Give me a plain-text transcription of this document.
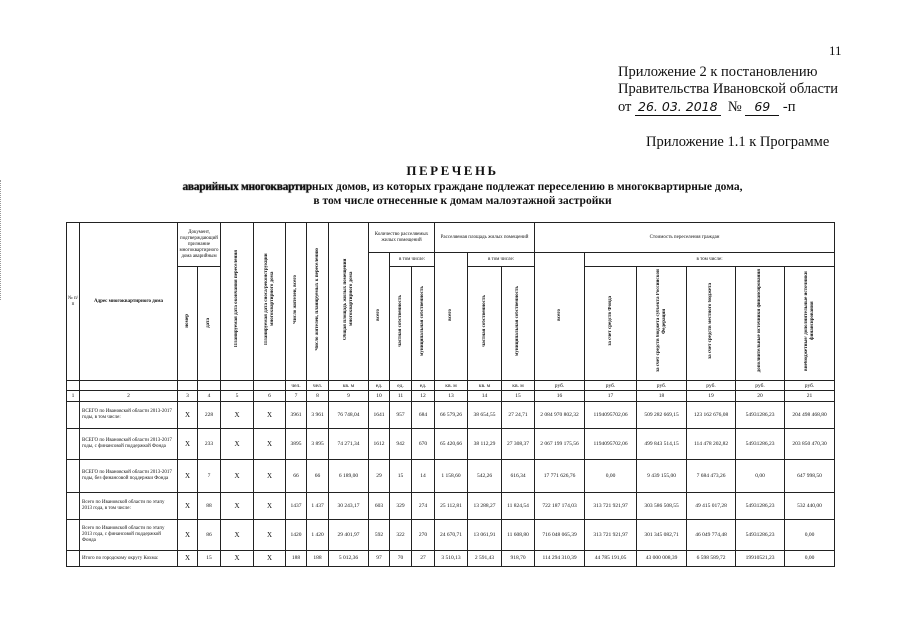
11
Приложение 2 к постановлению
Правительства Ивановской области
от
26. 03. 2018
№
	69
-п
Приложение 1.1 к Программе
ПЕРЕЧЕНЬ
аварийных многоквартирных домов, из которых граждане подлежат переселению в многоквартирные дома,
в том числе отнесенные к домам малоэтажной застройки
№ п/п	Адрес многоквартирного дома	Документ, подтверждающий признание многоквартирного дома аварийным		Планируемая дата окончания переселения	Планируемая дата сноса/реконструкции многоквартирного дома	Число жителей, всего	Число жителей, планируемых к переселению	Общая площадь жилых помещений многоквартирного дома	Количество расселяемых жилых помещений			Расселяемая площадь жилых помещений			Стоимость переселения граждан					
									всего	в том числе:		всего	в том числе:		всего	в том числе:				
		номер	дата							частная собственность	муниципальная собственность		частная собственность	муниципальная собственность		за счет средств Фонда	за счет средств бюджета субъекта Российской Федерации	за счет средств местного бюджета	дополнительные источники финансирования	внебюджетные/ дополнительные источники финансирования
						чел.	чел.	кв. м	ед.	ед.	ед.	кв. м	кв. м	кв. м	руб.	руб.	руб.	руб.	руб.	руб.
1	2	3	4	5	6	7	8	9	10	11	12	13	14	15	16	17	18	19	20	21
	ВСЕГО по Ивановской области 2013-2017 годы, в том числе:	X	228	X	X	3961	3 961	76 748,04	1641	957	684	66 579,26	38 654,55	27 24,71	2 084 970 802,32	1194095702,06	509 282 669,15	123 162 676,08	54931286,23	204 498 468,80
	ВСЕГО по Ивановской области 2013-2017 годы, с финансовой поддержкой Фонда	X	233	X	X	3895	3 895	74 271,34	1612	942	670	65 420,66	38 112,29	27 308,37	2 067 199 175,56	1194095702,06	499 843 514,15	114 478 202,82	54931286,23	203 850 470,30
	ВСЕГО по Ивановской области 2013-2017 годы, без финансовой поддержки Фонда	X	7	X	X	66	66	6 189,00	29	15	14	1 158,60	542,26	616,34	17 771 626,76	0,00	9 439 155,00	7 684 473,26	0,00	647 998,50
	Всего по Ивановской области по этапу 2013 года, в том числе:	X	88	X	X	1437	1 437	30 243,17	603	329	274	25 112,81	13 288,27	11 824,54	722 187 174,03	313 721 921,97	303 586 508,55	49 415 017,28	54931286,23	532 440,00
	Всего по Ивановской области по этапу 2013 года, с финансовой поддержкой Фонда	X	86	X	X	1420	1 420	29 401,97	592	322	270	24 670,71	13 061,91	11 608,80	716 048 065,39	313 721 921,97	301 345 082,71	46 049 774,48	54931286,23	0,00
	Итого по городскому округу Кохма:	X	15	X	X	188	188	5 012,36	97	70	27	3 510,13	2 591,43	918,70	114 294 310,39	44 785 191,05	43 000 008,39	6 598 589,72	19910521,23	0,00
